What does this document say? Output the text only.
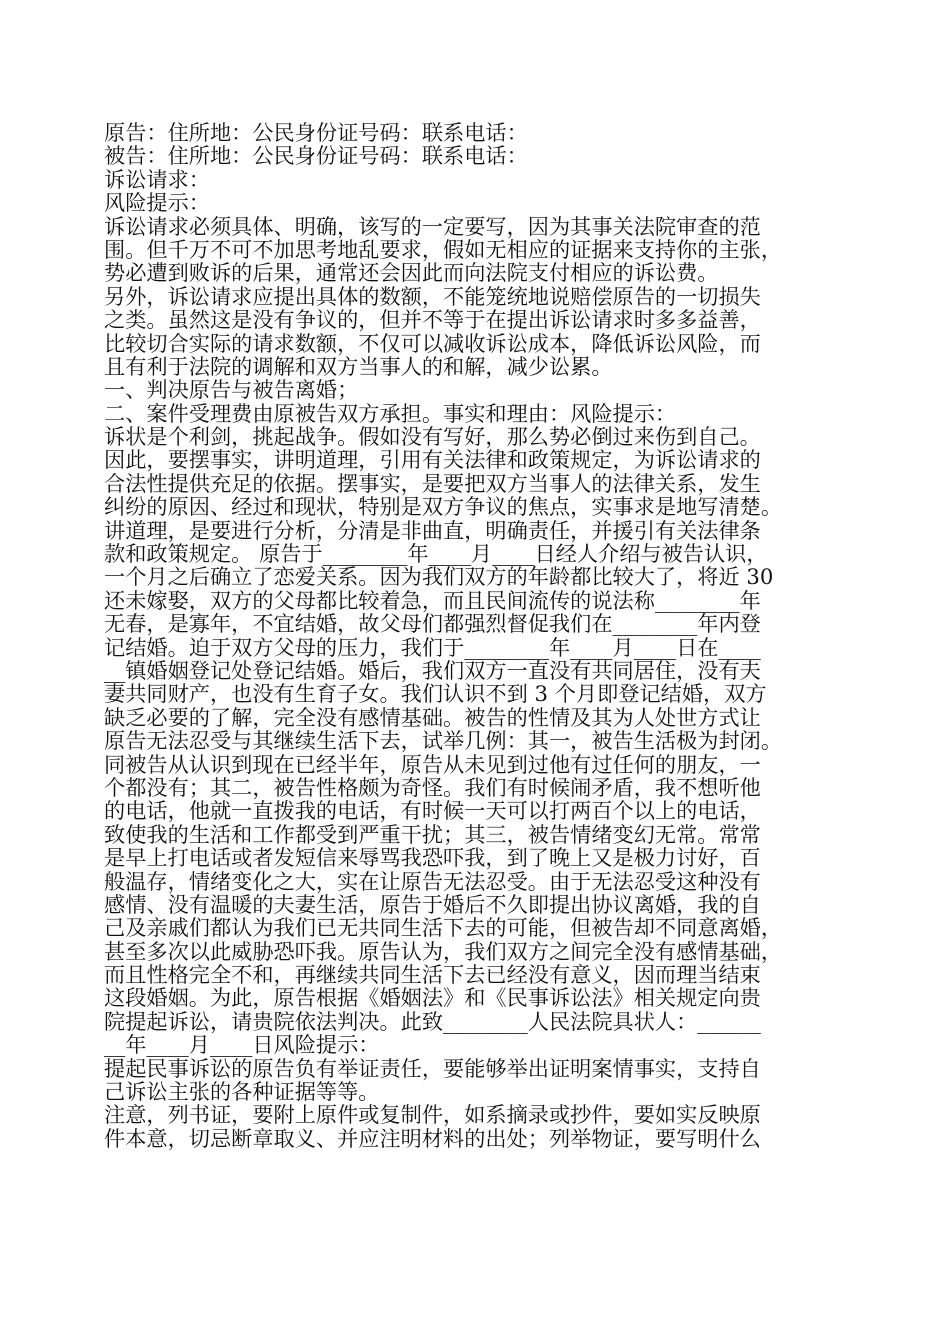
原告：住所地：公民身份证号码：联系电话：
被告：住所地：公民身份证号码：联系电话：
诉讼请求：
风险提示：
诉讼请求必须具体、明确，该写的一定要写，因为其事关法院审查的范
围。但千万不可不加思考地乱要求，假如无相应的证据来支持你的主张，
势必遭到败诉的后果，通常还会因此而向法院支付相应的诉讼费。
另外，诉讼请求应提出具体的数额，不能笼统地说赔偿原告的一切损失
之类。虽然这是没有争议的，但并不等于在提出诉讼请求时多多益善，
比较切合实际的请求数额，不仅可以减收诉讼成本，降低诉讼风险，而
且有利于法院的调解和双方当事人的和解，减少讼累。
一、判决原告与被告离婚；
二、案件受理费由原被告双方承担。事实和理由：风险提示：
诉状是个利剑，挑起战争。假如没有写好，那么势必倒过来伤到自己。
因此，要摆事实，讲明道理，引用有关法律和政策规定，为诉讼请求的
合法性提供充足的依据。摆事实，是要把双方当事人的法律关系，发生
纠纷的原因、经过和现状，特别是双方争议的焦点，实事求是地写清楚。
讲道理，是要进行分析，分清是非曲直，明确责任，并援引有关法律条
款和政策规定。 原告于________年____月____日经人介绍与被告认识，
一个月之后确立了恋爱关系。因为我们双方的年龄都比较大了，将近 30
还未嫁娶，双方的父母都比较着急，而且民间流传的说法称________年
无春，是寡年，不宜结婚，故父母们都强烈督促我们在________年内登
记结婚。迫于双方父母的压力，我们于________年____月____日在____
__镇婚姻登记处登记结婚。婚后，我们双方一直没有共同居住，没有夫
妻共同财产，也没有生育子女。我们认识不到 3 个月即登记结婚，双方
缺乏必要的了解，完全没有感情基础。被告的性情及其为人处世方式让
原告无法忍受与其继续生活下去，试举几例：其一，被告生活极为封闭。
同被告从认识到现在已经半年，原告从未见到过他有过任何的朋友，一
个都没有；其二，被告性格颇为奇怪。我们有时候闹矛盾，我不想听他
的电话，他就一直拨我的电话，有时候一天可以打两百个以上的电话，
致使我的生活和工作都受到严重干扰；其三，被告情绪变幻无常。常常
是早上打电话或者发短信来辱骂我恐吓我，到了晚上又是极力讨好，百
般温存，情绪变化之大，实在让原告无法忍受。由于无法忍受这种没有
感情、没有温暖的夫妻生活，原告于婚后不久即提出协议离婚，我的自
己及亲戚们都认为我们已无共同生活下去的可能，但被告却不同意离婚，
甚至多次以此威胁恐吓我。原告认为，我们双方之间完全没有感情基础，
而且性格完全不和，再继续共同生活下去已经没有意义，因而理当结束
这段婚姻。为此，原告根据《婚姻法》和《民事诉讼法》相关规定向贵
院提起诉讼，请贵院依法判决。此致________人民法院具状人：______
__年____月____日风险提示：
提起民事诉讼的原告负有举证责任，要能够举出证明案情事实，支持自
己诉讼主张的各种证据等等。
注意，列书证，要附上原件或复制件，如系摘录或抄件，要如实反映原
件本意，切忌断章取义、并应注明材料的出处；列举物证，要写明什么
